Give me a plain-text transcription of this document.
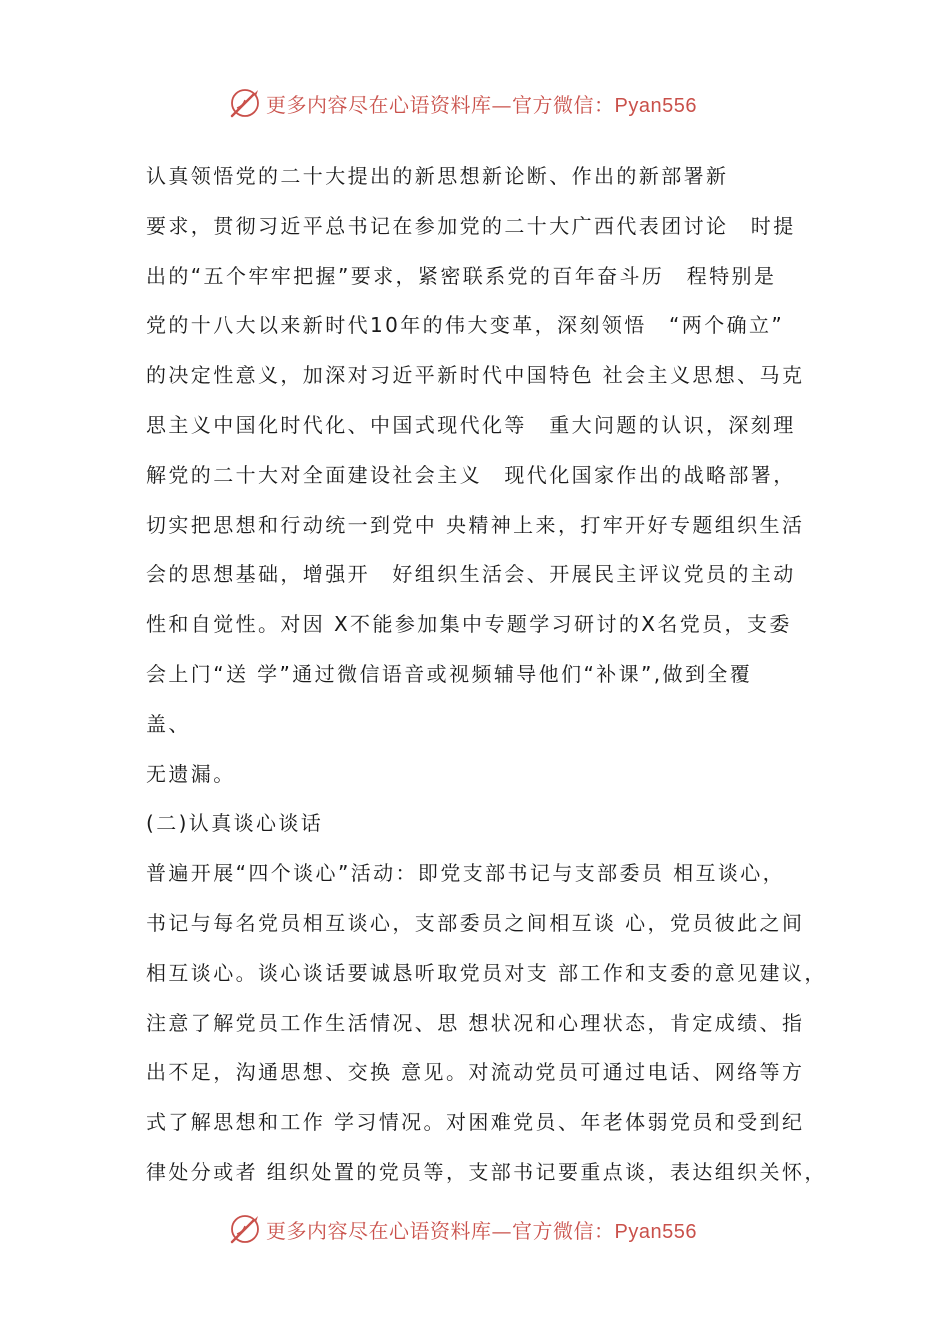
更多内容尽在心语资料库—官方微信：Pyan556
认真领悟党的二十大提出的新思想新论断、作出的新部署新
要求，贯彻习近平总书记在参加党的二十大广西代表团讨论　时提
出的“五个牢牢把握”要求，紧密联系党的百年奋斗历　程特别是
党的十八大以来新时代10年的伟大变革，深刻领悟　“两个确立”
的决定性意义，加深对习近平新时代中国特色 社会主义思想、马克
思主义中国化时代化、中国式现代化等　重大问题的认识，深刻理
解党的二十大对全面建设社会主义　现代化国家作出的战略部署，
切实把思想和行动统一到党中 央精神上来，打牢开好专题组织生活
会的思想基础，增强开　好组织生活会、开展民主评议党员的主动
性和自觉性。对因 X不能参加集中专题学习研讨的X名党员，支委
会上门“送 学”通过微信语音或视频辅导他们“补课”,做到全覆
盖、
无遗漏。
(二)认真谈心谈话
普遍开展“四个谈心”活动：即党支部书记与支部委员 相互谈心，
书记与每名党员相互谈心，支部委员之间相互谈 心，党员彼此之间
相互谈心。谈心谈话要诚恳听取党员对支 部工作和支委的意见建议，
注意了解党员工作生活情况、思 想状况和心理状态，肯定成绩、指
出不足，沟通思想、交换 意见。对流动党员可通过电话、网络等方
式了解思想和工作 学习情况。对困难党员、年老体弱党员和受到纪
律处分或者 组织处置的党员等，支部书记要重点谈，表达组织关怀，
更多内容尽在心语资料库—官方微信：Pyan556
